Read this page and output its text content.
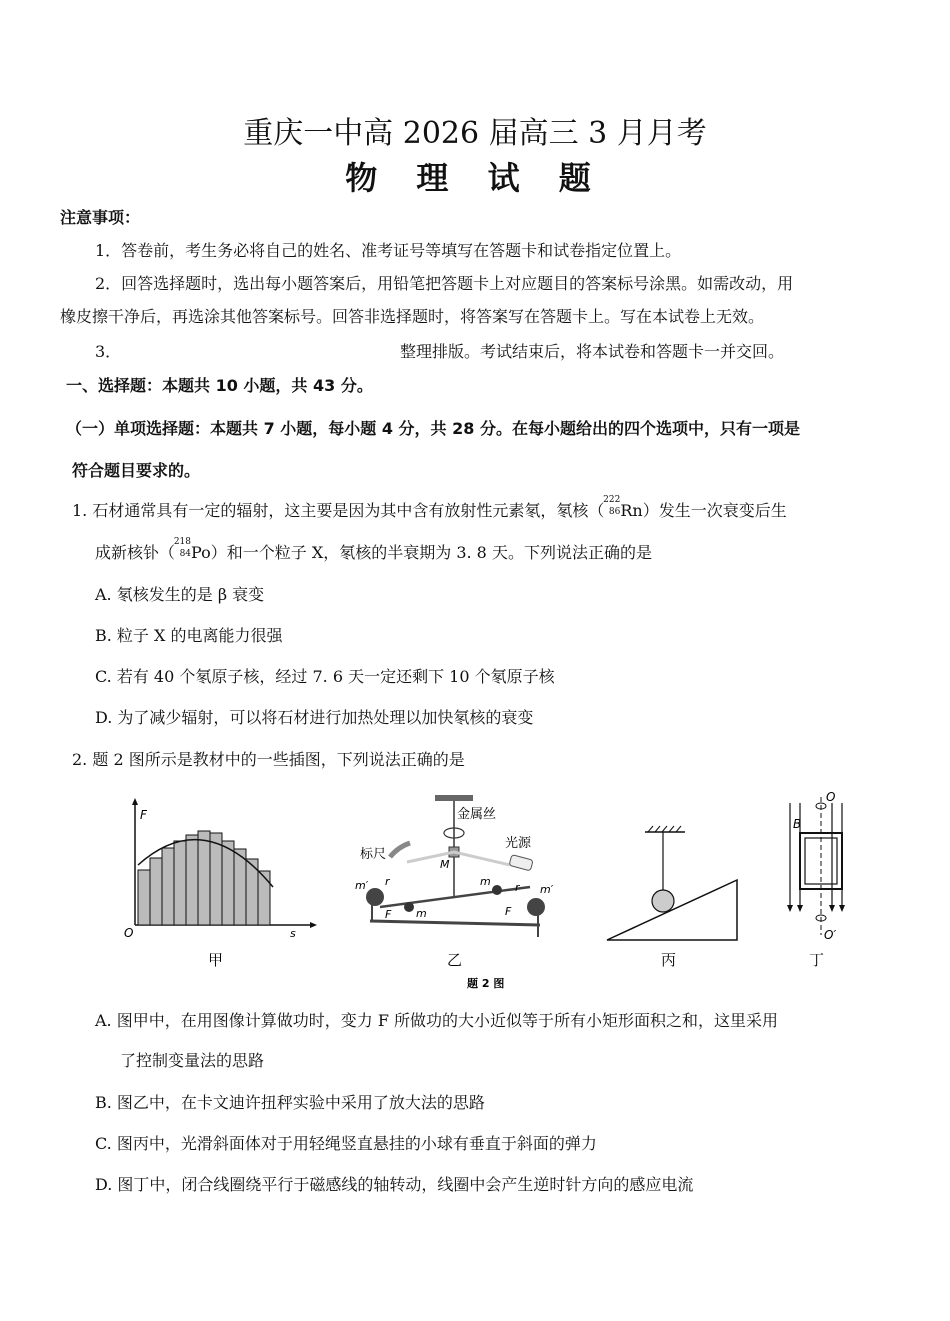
重庆一中高 2026 届高三 3 月月考
物 理 试 题
注意事项：
1．答卷前，考生务必将自己的姓名、准考证号等填写在答题卡和试卷指定位置上。
2．回答选择题时，选出每小题答案后，用铅笔把答题卡上对应题目的答案标号涂黑。如需改动，用
橡皮擦干净后，再选涂其他答案标号。回答非选择题时，将答案写在答题卡上。写在本试卷上无效。
3．	整理排版。考试结束后，将本试卷和答题卡一并交回。
一、选择题：本题共 10 小题，共 43 分。
（一）单项选择题：本题共 7 小题，每小题 4 分，共 28 分。在每小题给出的四个选项中，只有一项是
符合题目要求的。
1. 石材通常具有一定的辐射，这主要是因为其中含有放射性元素氡，氡核（
222
86 Rn）发生一次衰变后生
成新核钋（
218
84 Po）和一个粒子 X，氡核的半衰期为 3. 8 天。下列说法正确的是
A. 氡核发生的是 β 衰变
B. 粒子 X 的电离能力很强
C. 若有 40 个氡原子核，经过 7. 6 天一定还剩下 10 个氡原子核
D. 为了减少辐射，可以将石材进行加热处理以加快氡核的衰变
2. 题 2 图所示是教材中的一些插图，下列说法正确的是
F
O	s
金属丝
光源
标尺
M
m′ r
F m
m r m′
F
O
B
O′
甲	乙	丙	丁
题 2 图
A. 图甲中，在用图像计算做功时，变力 F 所做功的大小近似等于所有小矩形面积之和，这里采用
了控制变量法的思路
B. 图乙中，在卡文迪许扭秤实验中采用了放大法的思路
C. 图丙中，光滑斜面体对于用轻绳竖直悬挂的小球有垂直于斜面的弹力
D. 图丁中，闭合线圈绕平行于磁感线的轴转动，线圈中会产生逆时针方向的感应电流
